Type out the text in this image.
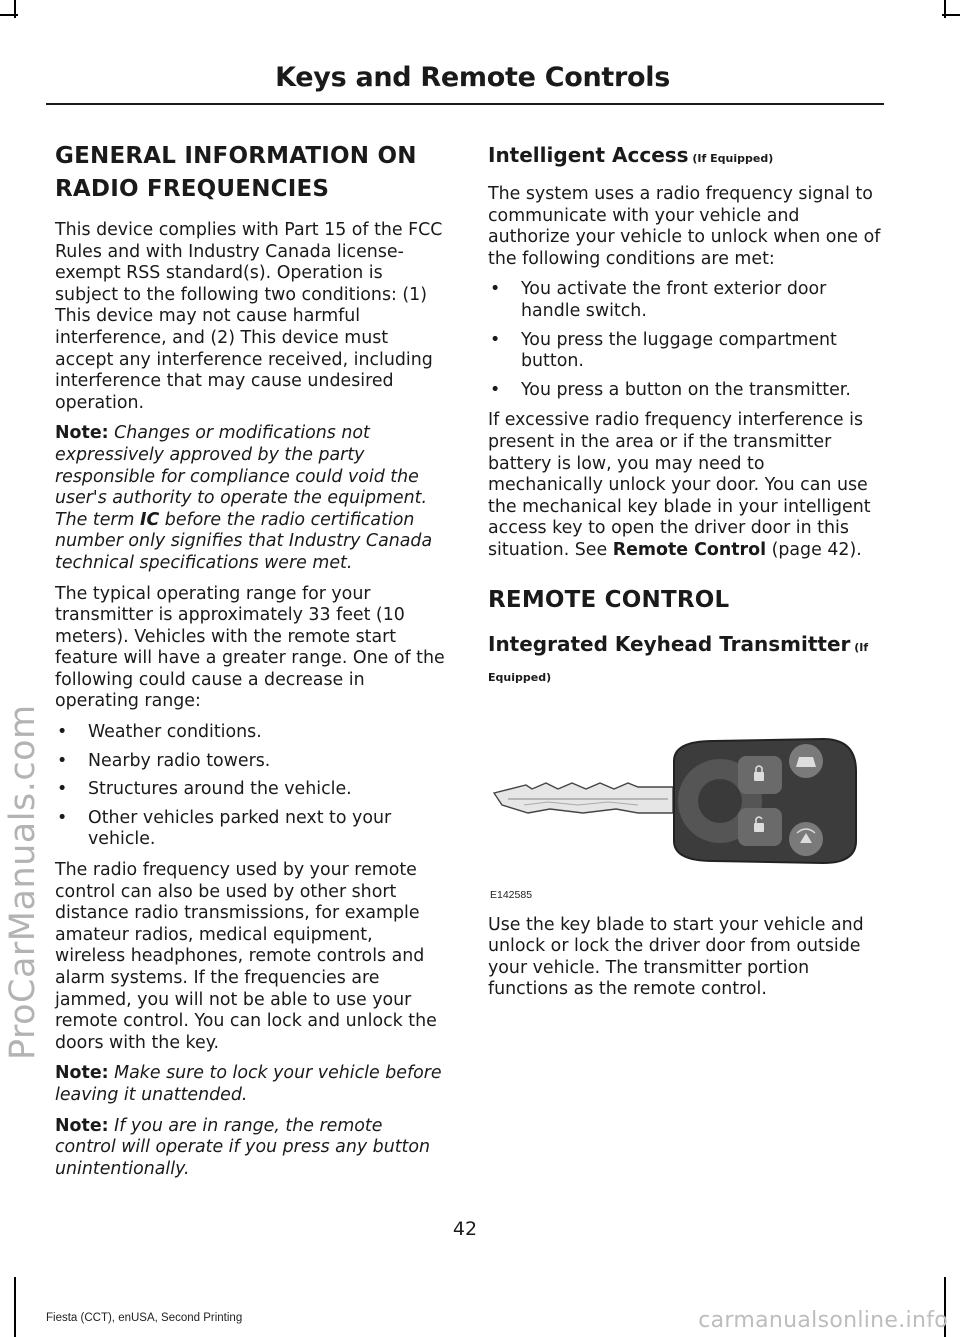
Keys and Remote Controls
GENERAL INFORMATION ON
RADIO FREQUENCIES

This device complies with Part 15 of the FCC Rules and with Industry Canada license-exempt RSS standard(s). Operation is subject to the following two conditions: (1) This device may not cause harmful interference, and (2) This device must accept any interference received, including interference that may cause undesired operation.

Note: Changes or modifications not expressively approved by the party responsible for compliance could void the user's authority to operate the equipment. The term IC before the radio certification number only signifies that Industry Canada technical specifications were met.

The typical operating range for your transmitter is approximately 33 feet (10 meters). Vehicles with the remote start feature will have a greater range. One of the following could cause a decrease in operating range:

• Weather conditions.
• Nearby radio towers.
• Structures around the vehicle.
• Other vehicles parked next to your vehicle.

The radio frequency used by your remote control can also be used by other short distance radio transmissions, for example amateur radios, medical equipment, wireless headphones, remote controls and alarm systems. If the frequencies are jammed, you will not be able to use your remote control. You can lock and unlock the doors with the key.

Note: Make sure to lock your vehicle before leaving it unattended.

Note: If you are in range, the remote control will operate if you press any button unintentionally.

Intelligent Access (If Equipped)

The system uses a radio frequency signal to communicate with your vehicle and authorize your vehicle to unlock when one of the following conditions are met:

• You activate the front exterior door handle switch.
• You press the luggage compartment button.
• You press a button on the transmitter.

If excessive radio frequency interference is present in the area or if the transmitter battery is low, you may need to mechanically unlock your door. You can use the mechanical key blade in your intelligent access key to open the driver door in this situation. See Remote Control (page 42).

REMOTE CONTROL
Integrated Keyhead Transmitter (If
Equipped)
E142585

Use the key blade to start your vehicle and unlock or lock the driver door from outside your vehicle. The transmitter portion functions as the remote control.

42
Fiesta (CCT), enUSA, Second Printing
ProCarManuals.com
carmanualsonline.info
